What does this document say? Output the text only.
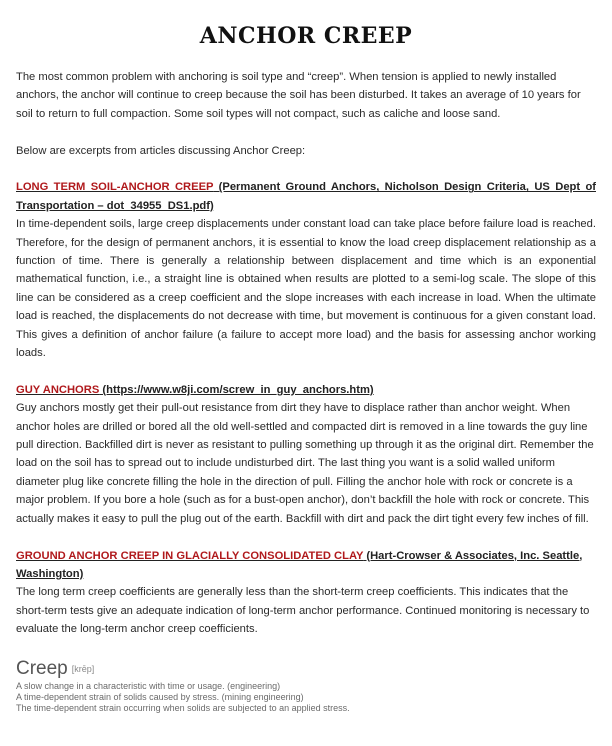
ANCHOR CREEP

The most common problem with anchoring is soil type and “creep”. When tension is applied to newly installed anchors, the anchor will continue to creep because the soil has been disturbed. It takes an average of 10 years for soil to return to full compaction. Some soil types will not compact, such as caliche and loose sand.

Below are excerpts from articles discussing Anchor Creep:

LONG TERM SOIL-ANCHOR CREEP (Permanent Ground Anchors, Nicholson Design Criteria, US Dept of Transportation – dot_34955_DS1.pdf)

In time-dependent soils, large creep displacements under constant load can take place before failure load is reached. Therefore, for the design of permanent anchors, it is essential to know the load creep displacement relationship as a function of time. There is generally a relationship between displacement and time which is an exponential mathematical function, i.e., a straight line is obtained when results are plotted to a semi-log scale. The slope of this line can be considered as a creep coefficient and the slope increases with each increase in load. When the ultimate load is reached, the displacements do not decrease with time, but movement is continuous for a given constant load. This gives a definition of anchor failure (a failure to accept more load) and the basis for assessing anchor working loads.

GUY ANCHORS (https://www.w8ji.com/screw_in_guy_anchors.htm)

Guy anchors mostly get their pull-out resistance from dirt they have to displace rather than anchor weight. When anchor holes are drilled or bored all the old well-settled and compacted dirt is removed in a line towards the guy line pull direction. Backfilled dirt is never as resistant to pulling something up through it as the original dirt. Remember the load on the soil has to spread out to include undisturbed dirt. The last thing you want is a solid walled uniform diameter plug like concrete filling the hole in the direction of pull. Filling the anchor hole with rock or concrete is a major problem. If you bore a hole (such as for a bust-open anchor), don’t backfill the hole with rock or concrete. This actually makes it easy to pull the plug out of the earth. Backfill with dirt and pack the dirt tight every few inches of fill.

GROUND ANCHOR CREEP IN GLACIALLY CONSOLIDATED CLAY (Hart-Crowser & Associates, Inc. Seattle, Washington)

The long term creep coefficients are generally less than the short-term creep coefficients. This indicates that the short-term tests give an adequate indication of long-term anchor performance. Continued monitoring is necessary to evaluate the long-term anchor creep coefficients.

Creep [krēp]

A slow change in a characteristic with time or usage. (engineering)

A time-dependent strain of solids caused by stress. (mining engineering)

The time-dependent strain occurring when solids are subjected to an applied stress.
